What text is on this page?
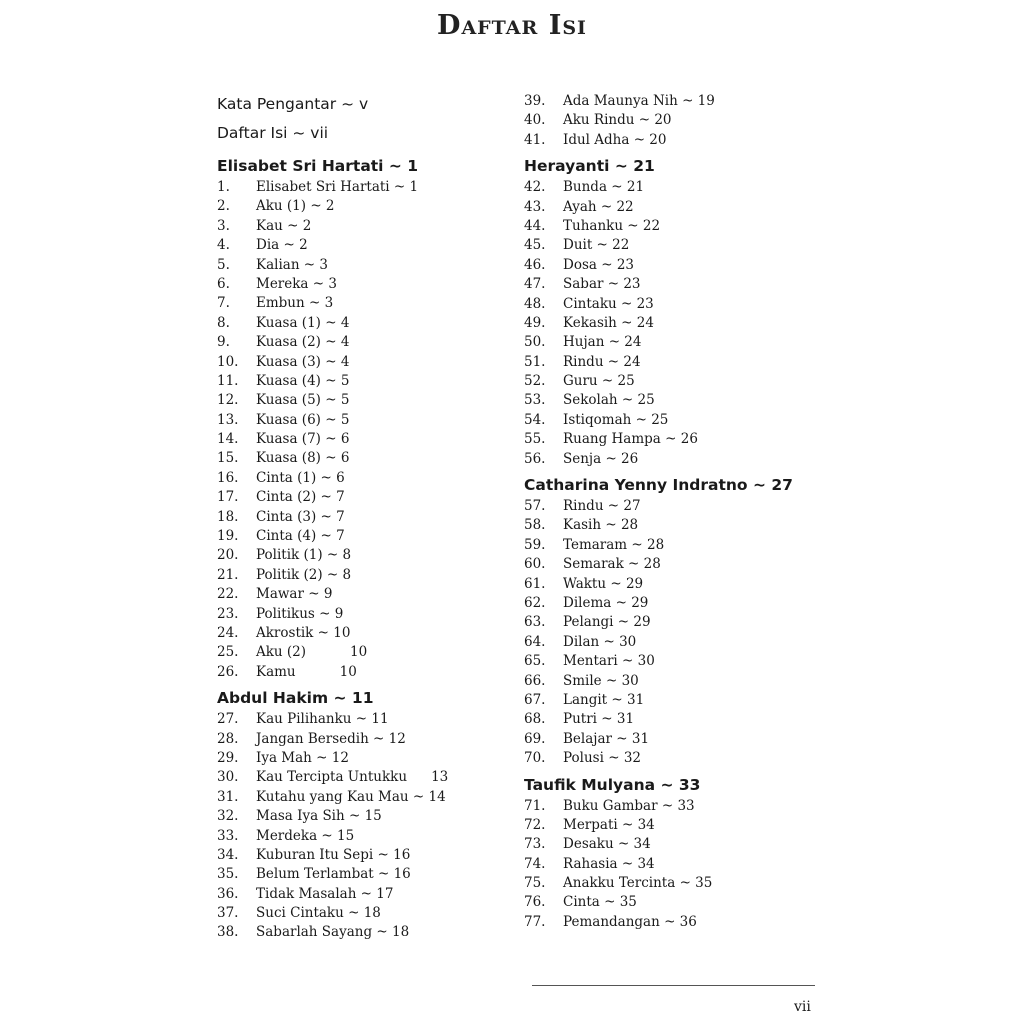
Daftar Isi
Kata Pengantar ~ v
Daftar Isi ~ vii
Elisabet Sri Hartati ~ 1
1. Elisabet Sri Hartati ~ 1
2. Aku (1) ~ 2
3. Kau ~ 2
4. Dia ~ 2
5. Kalian ~ 3
6. Mereka ~ 3
7. Embun ~ 3
8. Kuasa (1) ~ 4
9. Kuasa (2) ~ 4
10. Kuasa (3) ~ 4
11. Kuasa (4) ~ 5
12. Kuasa (5) ~ 5
13. Kuasa (6) ~ 5
14. Kuasa (7) ~ 6
15. Kuasa (8) ~ 6
16. Cinta (1) ~ 6
17. Cinta (2) ~ 7
18. Cinta (3) ~ 7
19. Cinta (4) ~ 7
20. Politik (1) ~ 8
21. Politik (2) ~ 8
22. Mawar ~ 9
23. Politikus ~ 9
24. Akrostik ~ 10
25. Aku (2)	10
26. Kamu	10
Abdul Hakim ~ 11
27. Kau Pilihanku ~ 11
28. Jangan Bersedih ~ 12
29. Iya Mah ~ 12
30. Kau Tercipta Untukku 13
31. Kutahu yang Kau Mau ~ 14
32. Masa Iya Sih ~ 15
33. Merdeka ~ 15
34. Kuburan Itu Sepi ~ 16
35. Belum Terlambat ~ 16
36. Tidak Masalah ~ 17
37. Suci Cintaku ~ 18
38. Sabarlah Sayang ~ 18
39. Ada Maunya Nih ~ 19
40. Aku Rindu ~ 20
41. Idul Adha ~ 20
Herayanti ~ 21
42. Bunda ~ 21
43. Ayah ~ 22
44. Tuhanku ~ 22
45. Duit ~ 22
46. Dosa ~ 23
47. Sabar ~ 23
48. Cintaku ~ 23
49. Kekasih ~ 24
50. Hujan ~ 24
51. Rindu ~ 24
52. Guru ~ 25
53. Sekolah ~ 25
54. Istiqomah ~ 25
55. Ruang Hampa ~ 26
56. Senja ~ 26
Catharina Yenny Indratno ~ 27
57. Rindu ~ 27
58. Kasih ~ 28
59. Temaram ~ 28
60. Semarak ~ 28
61. Waktu ~ 29
62. Dilema ~ 29
63. Pelangi ~ 29
64. Dilan ~ 30
65. Mentari ~ 30
66. Smile ~ 30
67. Langit ~ 31
68. Putri ~ 31
69. Belajar ~ 31
70. Polusi ~ 32
Taufik Mulyana ~ 33
71. Buku Gambar ~ 33
72. Merpati ~ 34
73. Desaku ~ 34
74. Rahasia ~ 34
75. Anakku Tercinta ~ 35
76. Cinta ~ 35
77. Pemandangan ~ 36
vii
